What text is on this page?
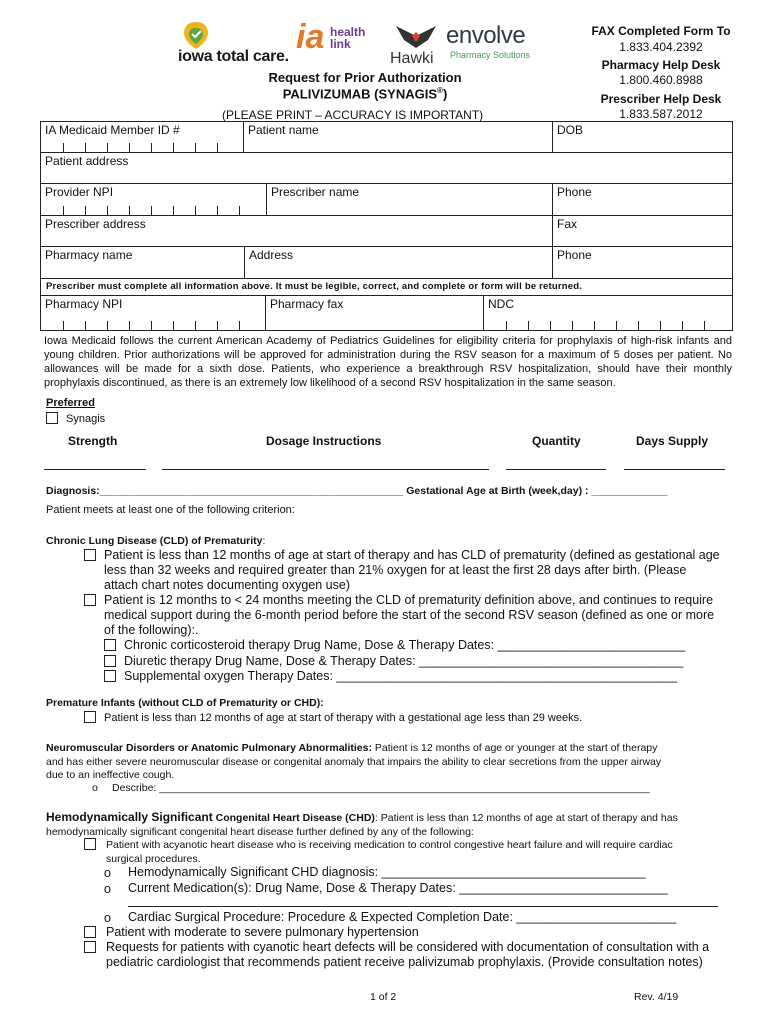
iowa total care.
ia health
link
Hawki
envolve
Pharmacy Solutions
Request for Prior Authorization
PALIVIZUMAB (SYNAGIS®)
(PLEASE PRINT – ACCURACY IS IMPORTANT)
FAX Completed Form To
1.833.404.2392
Pharmacy Help Desk
1.800.460.8988
Prescriber Help Desk
1.833.587.2012
IA Medicaid Member ID #	Patient name	DOB
Patient address
Provider NPI	Prescriber name	Phone
Prescriber address	Fax
Pharmacy name	Address	Phone
Pharmacy NPI	Pharmacy fax	NDC
Prescriber must complete all information above. It must be legible, correct, and complete or form will be returned.
Iowa Medicaid follows the current American Academy of Pediatrics Guidelines for eligibility criteria for prophylaxis of high-risk infants and young children. Prior authorizations will be approved for administration during the RSV season for a maximum of 5 doses per patient. No allowances will be made for a sixth dose. Patients, who experience a breakthrough RSV hospitalization, should have their monthly prophylaxis discontinued, as there is an extremely low likelihood of a second RSV hospitalization in the same season.
Preferred
Synagis
Strength	Dosage Instructions	Quantity	Days Supply
Diagnosis:____________________________________________________ Gestational Age at Birth (week,day) : _____________
Patient meets at least one of the following criterion:
Chronic Lung Disease (CLD) of Prematurity:
Patient is less than 12 months of age at start of therapy and has CLD of prematurity (defined as gestational age
less than 32 weeks and required greater than 21% oxygen for at least the first 28 days after birth. (Please
attach chart notes documenting oxygen use)
Patient is 12 months to < 24 months meeting the CLD of prematurity definition above, and continues to require
medical support during the 6-month period before the start of the second RSV season (defined as one or more
of the following):.
Chronic corticosteroid therapy Drug Name, Dose & Therapy Dates: ___________________________
Diuretic therapy Drug Name, Dose & Therapy Dates: ______________________________________
Supplemental oxygen Therapy Dates: _________________________________________________
Premature Infants (without CLD of Prematurity or CHD):
Patient is less than 12 months of age at start of therapy with a gestational age less than 29 weeks.
Neuromuscular Disorders or Anatomic Pulmonary Abnormalities: Patient is 12 months of age or younger at the start of therapy
and has either severe neuromuscular disease or congenital anomaly that impairs the ability to clear secretions from the upper airway
due to an ineffective cough.
o Describe: ____________________________________________________________________________________
Hemodynamically Significant Congenital Heart Disease (CHD): Patient is less than 12 months of age at start of therapy and has
hemodynamically significant congenital heart disease further defined by any of the following:
Patient with acyanotic heart disease who is receiving medication to control congestive heart failure and will require cardiac
surgical procedures.
o Hemodynamically Significant CHD diagnosis: ______________________________________
o Current Medication(s): Drug Name, Dose & Therapy Dates: ______________________________
o Cardiac Surgical Procedure: Procedure & Expected Completion Date: _______________________
Patient with moderate to severe pulmonary hypertension
Requests for patients with cyanotic heart defects will be considered with documentation of consultation with a
pediatric cardiologist that recommends patient receive palivizumab prophylaxis. (Provide consultation notes)
1 of 2	Rev. 4/19
